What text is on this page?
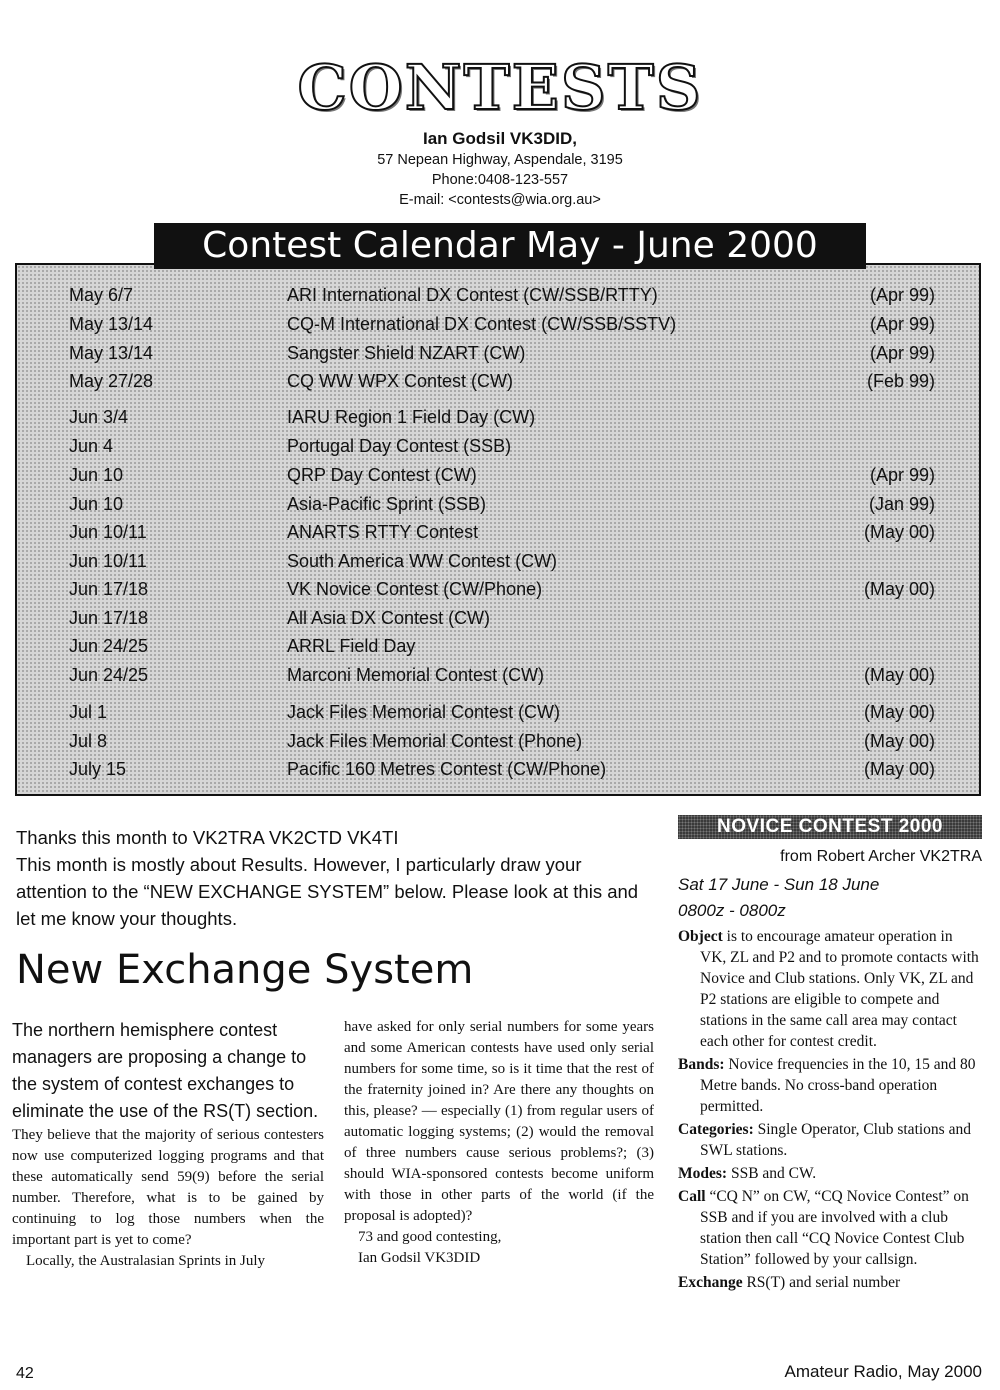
CONTESTS
Ian Godsil VK3DID,
57 Nepean Highway, Aspendale, 3195
Phone:0408-123-557
E-mail: <contests@wia.org.au>
Contest Calendar May - June 2000
May 6/7	ARI International DX Contest (CW/SSB/RTTY)	(Apr 99)
May 13/14	CQ-M International DX Contest (CW/SSB/SSTV)	(Apr 99)
May 13/14	Sangster Shield NZART (CW)	(Apr 99)
May 27/28	CQ WW WPX Contest (CW)	(Feb 99)
Jun 3/4	IARU Region 1 Field Day (CW)
Jun 4	Portugal Day Contest (SSB)
Jun 10	QRP Day Contest (CW)	(Apr 99)
Jun 10	Asia-Pacific Sprint (SSB)	(Jan 99)
Jun 10/11	ANARTS RTTY Contest	(May 00)
Jun 10/11	South America WW Contest (CW)
Jun 17/18	VK Novice Contest (CW/Phone)	(May 00)
Jun 17/18	All Asia DX Contest (CW)
Jun 24/25	ARRL Field Day
Jun 24/25	Marconi Memorial Contest (CW)	(May 00)
Jul 1	Jack Files Memorial Contest (CW)	(May 00)
Jul 8	Jack Files Memorial Contest (Phone)	(May 00)
July 15	Pacific 160 Metres Contest (CW/Phone)	(May 00)
Thanks this month to VK2TRA VK2CTD VK4TI
This month is mostly about Results. However, I particularly draw your attention to the “NEW EXCHANGE SYSTEM” below. Please look at this and let me know your thoughts.
New Exchange System
The northern hemisphere contest managers are proposing a change to the system of contest exchanges to eliminate the use of the RS(T) section.

They believe that the majority of serious contesters now use computerized logging programs and that these automatically send 59(9) before the serial number. Therefore, what is to be gained by continuing to log those numbers when the important part is yet to come?

Locally, the Australasian Sprints in July

have asked for only serial numbers for some years and some American contests have used only serial numbers for some time, so is it time that the rest of the fraternity joined in? Are there any thoughts on this, please? — especially (1) from regular users of automatic logging systems; (2) would the removal of three numbers cause serious problems?; (3) should WIA-sponsored contests become uniform with those in other parts of the world (if the proposal is adopted)?

73 and good contesting,

Ian Godsil VK3DID

NOVICE CONTEST 2000
from Robert Archer VK2TRA
Sat 17 June - Sun 18 June
0800z - 0800z

Object is to encourage amateur operation in VK, ZL and P2 and to promote contacts with Novice and Club stations. Only VK, ZL and P2 stations are eligible to compete and stations in the same call area may contact each other for contest credit.

Bands: Novice frequencies in the 10, 15 and 80 Metre bands. No cross-band operation permitted.

Categories: Single Operator, Club stations and SWL stations.

Modes: SSB and CW.

Call “CQ N” on CW, “CQ Novice Contest” on SSB and if you are involved with a club station then call “CQ Novice Contest Club Station” followed by your callsign.

Exchange RS(T) and serial number

42	Amateur Radio, May 2000
